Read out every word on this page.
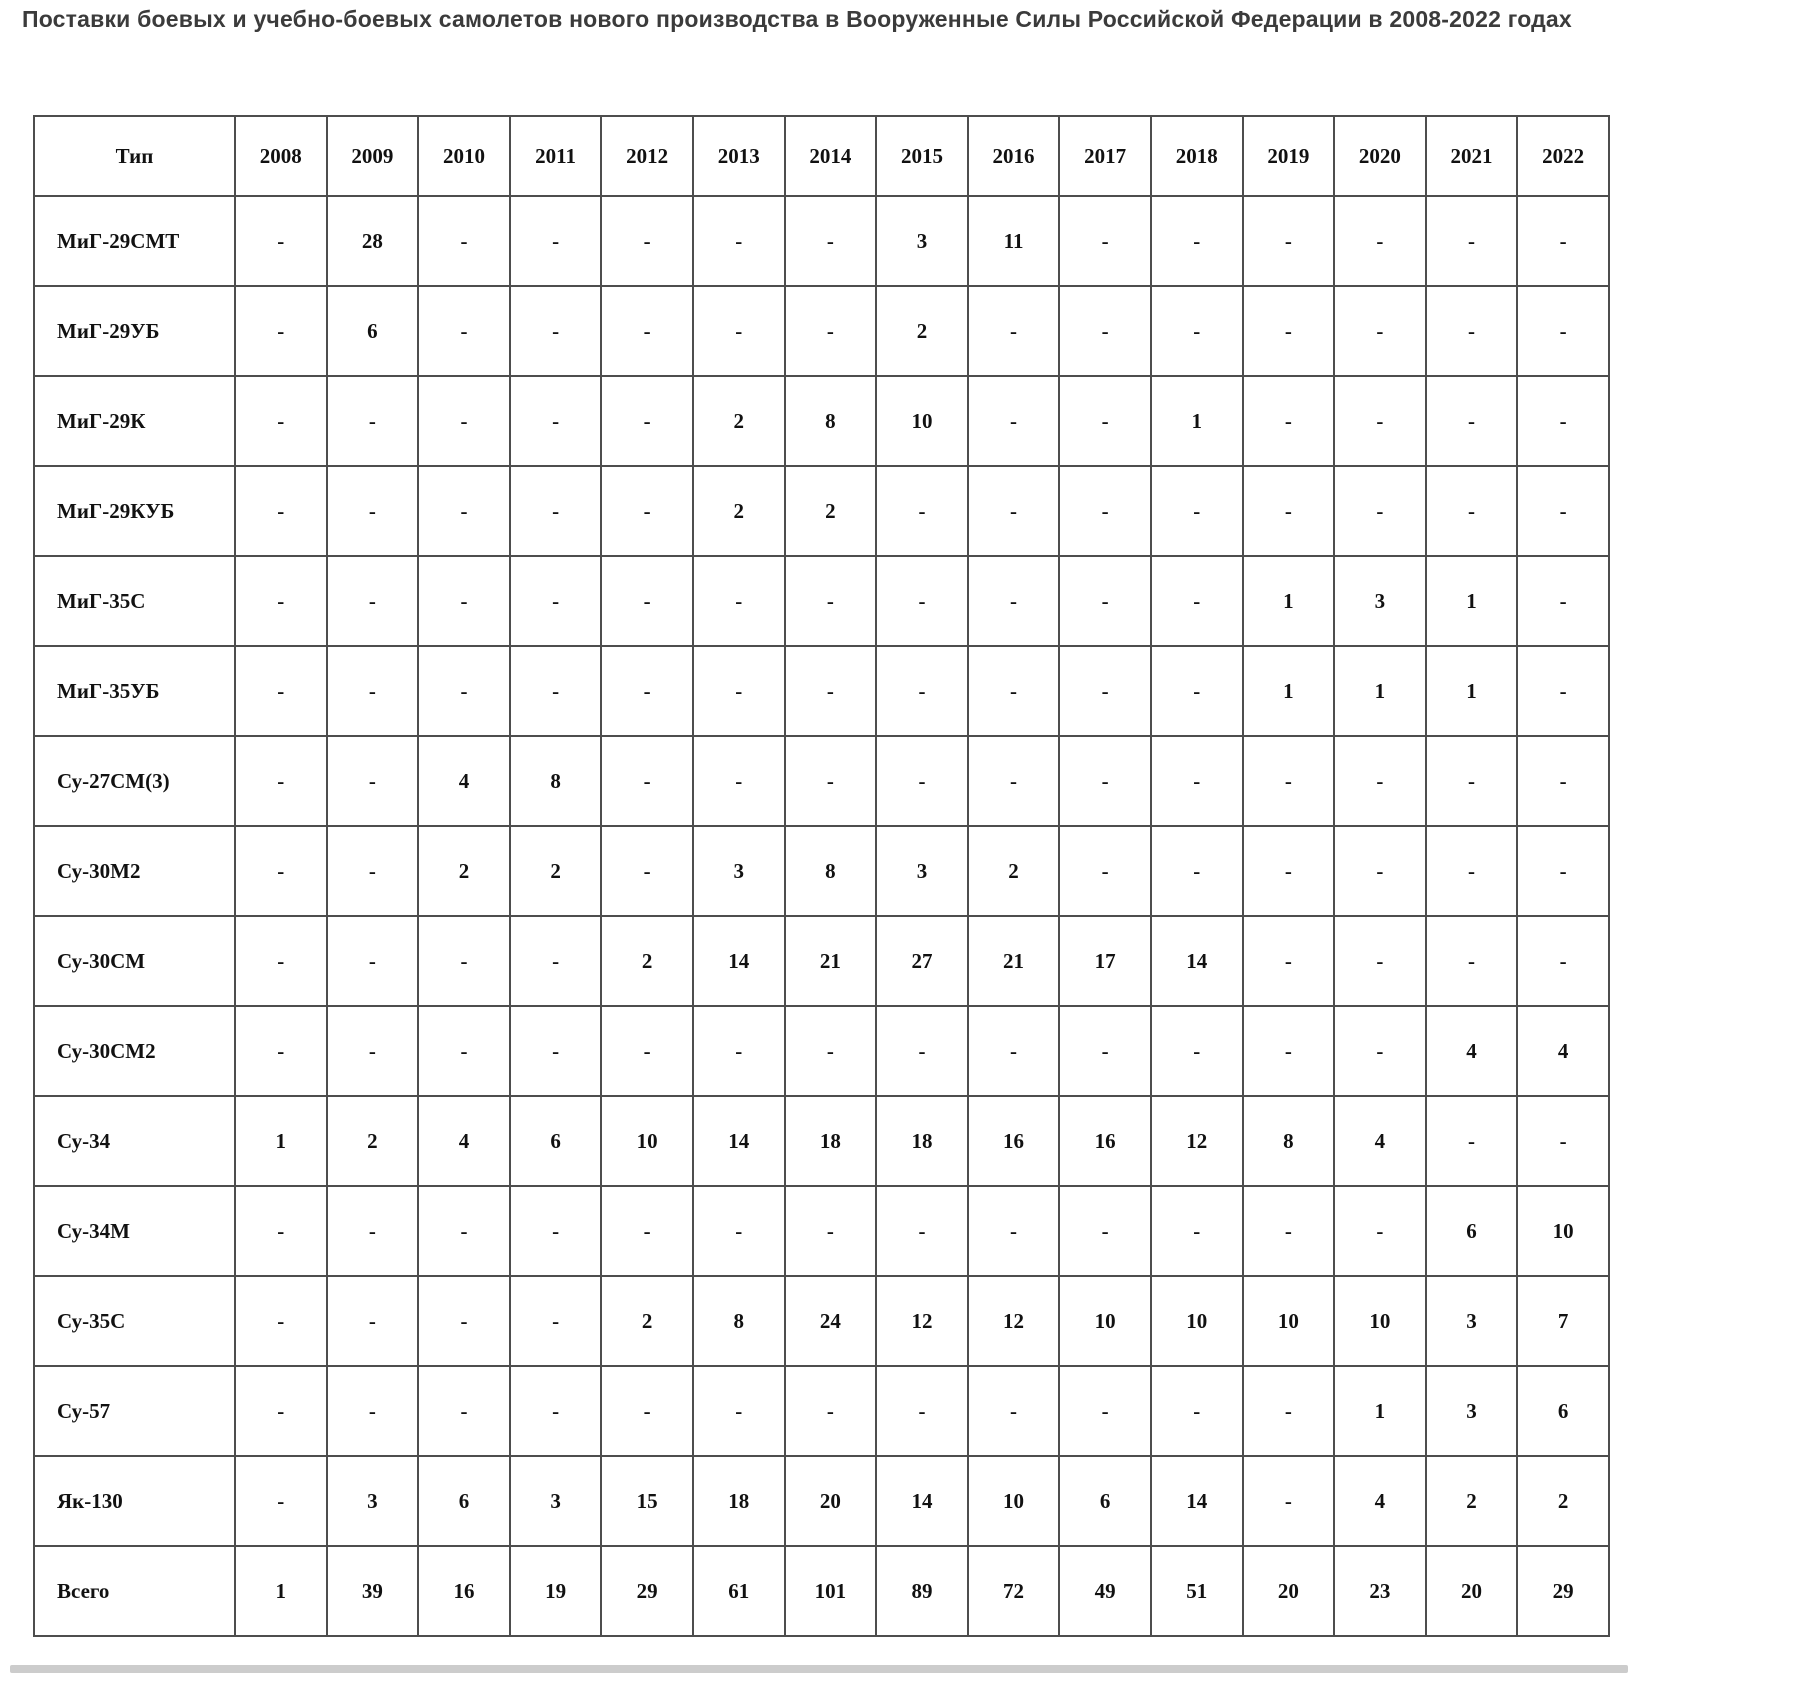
Поставки боевых и учебно-боевых самолетов нового производства в Вооруженные Силы Российской Федерации в 2008-2022 годах
Тип	2008	2009	2010	2011	2012	2013	2014	2015	2016	2017	2018	2019	2020	2021	2022
МиГ-29СМТ	-	28	-	-	-	-	-	3	11	-	-	-	-	-	-
МиГ-29УБ	-	6	-	-	-	-	-	2	-	-	-	-	-	-	-
МиГ-29К	-	-	-	-	-	2	8	10	-	-	1	-	-	-	-
МиГ-29КУБ	-	-	-	-	-	2	2	-	-	-	-	-	-	-	-
МиГ-35С	-	-	-	-	-	-	-	-	-	-	-	1	3	1	-
МиГ-35УБ	-	-	-	-	-	-	-	-	-	-	-	1	1	1	-
Су-27СМ(3)	-	-	4	8	-	-	-	-	-	-	-	-	-	-	-
Су-30М2	-	-	2	2	-	3	8	3	2	-	-	-	-	-	-
Су-30СМ	-	-	-	-	2	14	21	27	21	17	14	-	-	-	-
Су-30СМ2	-	-	-	-	-	-	-	-	-	-	-	-	-	4	4
Су-34	1	2	4	6	10	14	18	18	16	16	12	8	4	-	-
Су-34М	-	-	-	-	-	-	-	-	-	-	-	-	-	6	10
Су-35С	-	-	-	-	2	8	24	12	12	10	10	10	10	3	7
Су-57	-	-	-	-	-	-	-	-	-	-	-	-	1	3	6
Як-130	-	3	6	3	15	18	20	14	10	6	14	-	4	2	2
Всего	1	39	16	19	29	61	101	89	72	49	51	20	23	20	29
